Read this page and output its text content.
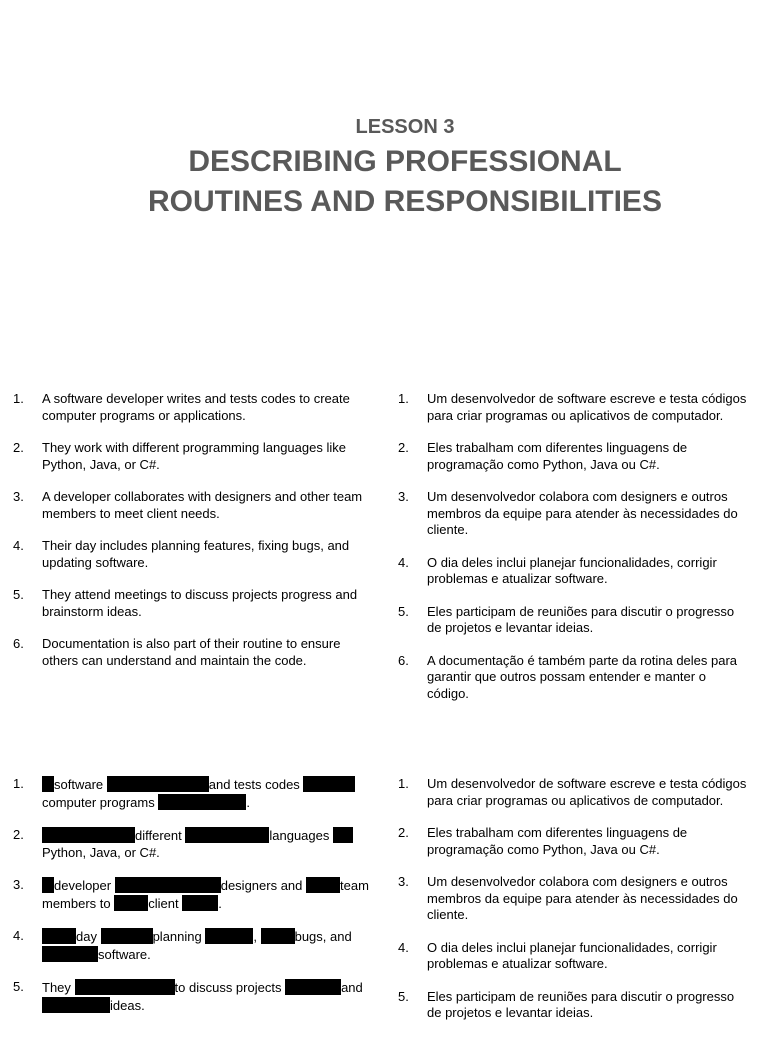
LESSON 3
DESCRIBING PROFESSIONAL
ROUTINES AND RESPONSIBILITIES
1. A software developer writes and tests codes to create
computer programs or applications.
2. They work with different programming languages like
Python, Java, or C#.
3. A developer collaborates with designers and other team
members to meet client needs.
4. Their day includes planning features, fixing bugs, and
updating software.
5. They attend meetings to discuss projects progress and
brainstorm ideas.
6. Documentation is also part of their routine to ensure
others can understand and maintain the code.
1. Um desenvolvedor de software escreve e testa códigos
para criar programas ou aplicativos de computador.
2. Eles trabalham com diferentes linguagens de
programação como Python, Java ou C#.
3. Um desenvolvedor colabora com designers e outros
membros da equipe para atender às necessidades do
cliente.
4. O dia deles inclui planejar funcionalidades, corrigir
problemas e atualizar software.
5. Eles participam de reuniões para discutir o progresso
de projetos e levantar ideias.
6. A documentação é também parte da rotina deles para
garantir que outros possam entender e manter o
código.
1.	software	and tests codes
computer programs	.
2.	different	languages
Python, Java, or C#.
3.	developer	designers and	team
members to	client	.
4.	day	planning	,	bugs, and
software.
5. They	to discuss projects	and
ideas.
1. Um desenvolvedor de software escreve e testa códigos
para criar programas ou aplicativos de computador.
2. Eles trabalham com diferentes linguagens de
programação como Python, Java ou C#.
3. Um desenvolvedor colabora com designers e outros
membros da equipe para atender às necessidades do
cliente.
4. O dia deles inclui planejar funcionalidades, corrigir
problemas e atualizar software.
5. Eles participam de reuniões para discutir o progresso
de projetos e levantar ideias.
